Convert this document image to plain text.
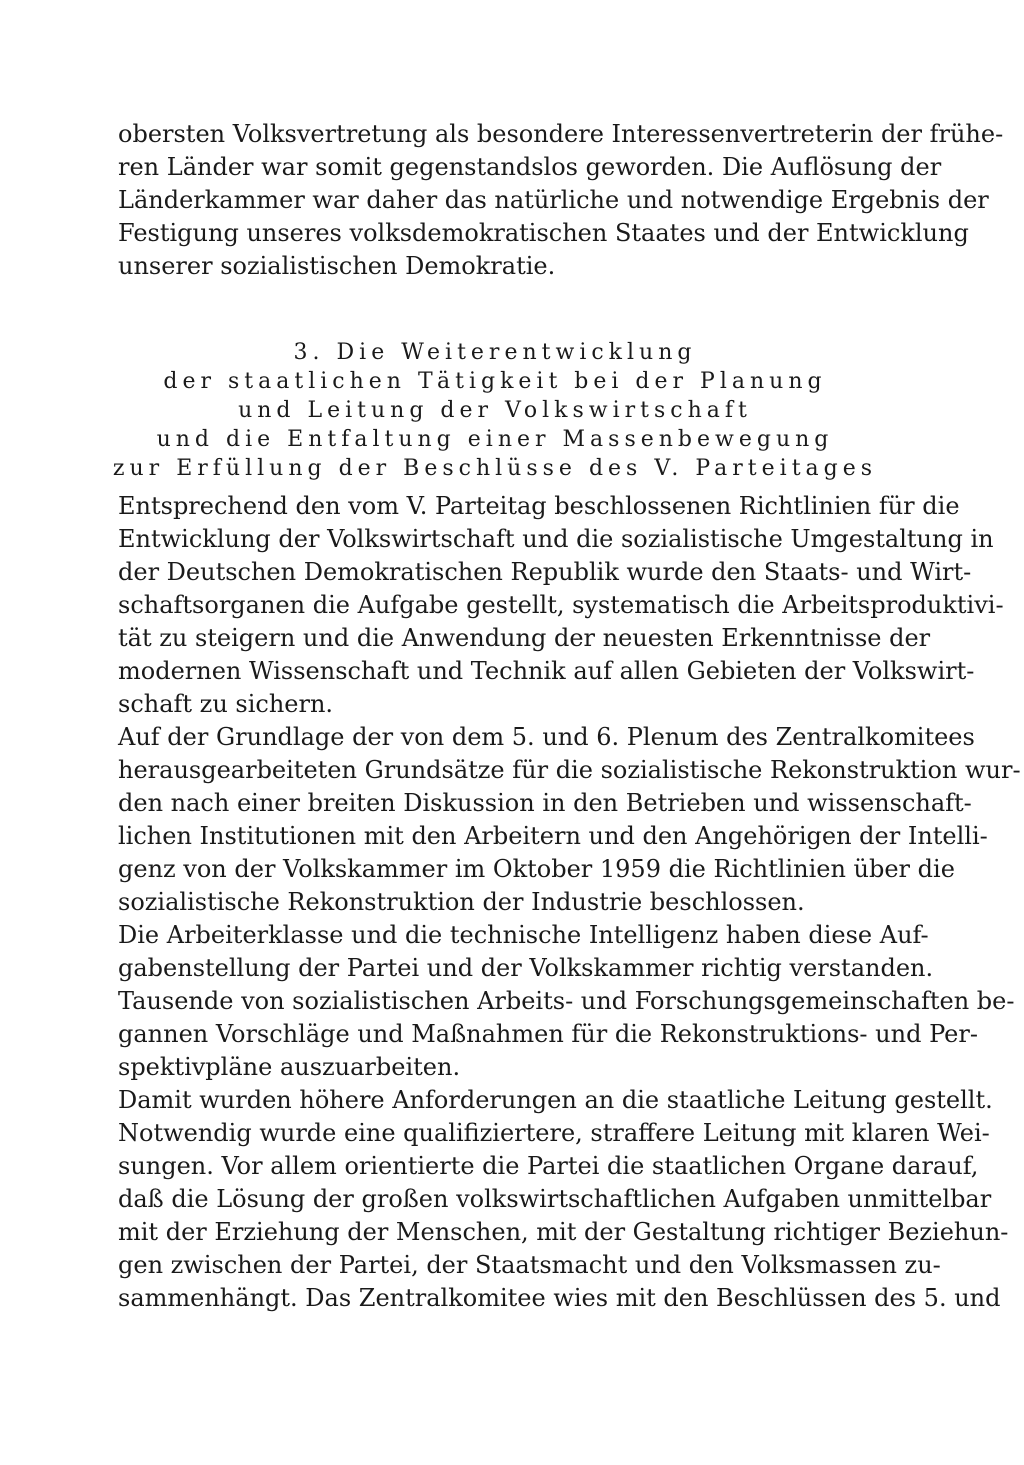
obersten Volksvertretung als besondere Interessenvertreterin der frühe-
ren Länder war somit gegenstandslos geworden. Die Auflösung der
Länderkammer war daher das natürliche und notwendige Ergebnis der
Festigung unseres volksdemokratischen Staates und der Entwicklung
unserer sozialistischen Demokratie.
3. Die Weiterentwicklung
der staatlichen Tätigkeit bei der Planung
und Leitung der Volkswirtschaft
und die Entfaltung einer Massenbewegung
zur Erfüllung der Beschlüsse des V. Parteitages
Entsprechend den vom V. Parteitag beschlossenen Richtlinien für die
Entwicklung der Volkswirtschaft und die sozialistische Umgestaltung in
der Deutschen Demokratischen Republik wurde den Staats- und Wirt-
schaftsorganen die Aufgabe gestellt, systematisch die Arbeitsproduktivi-
tät zu steigern und die Anwendung der neuesten Erkenntnisse der
modernen Wissenschaft und Technik auf allen Gebieten der Volkswirt-
schaft zu sichern.
Auf der Grundlage der von dem 5. und 6. Plenum des Zentralkomitees
herausgearbeiteten Grundsätze für die sozialistische Rekonstruktion wur-
den nach einer breiten Diskussion in den Betrieben und wissenschaft-
lichen Institutionen mit den Arbeitern und den Angehörigen der Intelli-
genz von der Volkskammer im Oktober 1959 die Richtlinien über die
sozialistische Rekonstruktion der Industrie beschlossen.
Die Arbeiterklasse und die technische Intelligenz haben diese Auf-
gabenstellung der Partei und der Volkskammer richtig verstanden.
Tausende von sozialistischen Arbeits- und Forschungsgemeinschaften be-
gannen Vorschläge und Maßnahmen für die Rekonstruktions- und Per-
spektivpläne auszuarbeiten.
Damit wurden höhere Anforderungen an die staatliche Leitung gestellt.
Notwendig wurde eine qualifiziertere, straffere Leitung mit klaren Wei-
sungen. Vor allem orientierte die Partei die staatlichen Organe darauf,
daß die Lösung der großen volkswirtschaftlichen Aufgaben unmittelbar
mit der Erziehung der Menschen, mit der Gestaltung richtiger Beziehun-
gen zwischen der Partei, der Staatsmacht und den Volksmassen zu-
sammenhängt. Das Zentralkomitee wies mit den Beschlüssen des 5. und
